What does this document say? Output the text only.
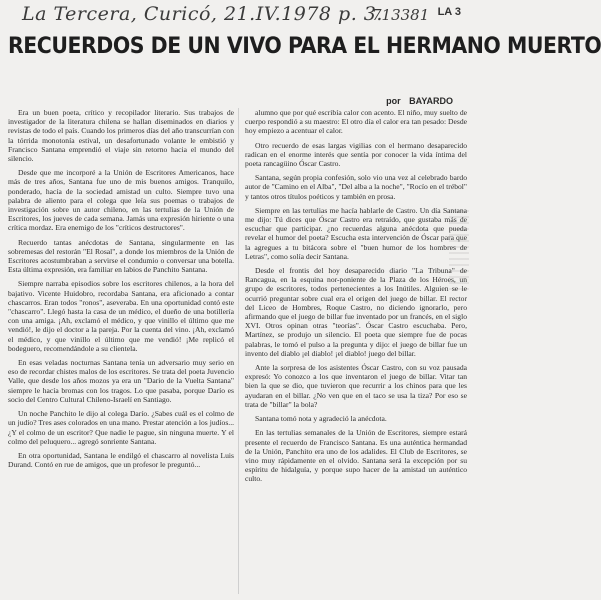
La Tercera, Curicó, 21.IV.1978 p. 3.
713381 LA 3
RECUERDOS DE UN VIVO PARA EL HERMANO MUERTO
por BAYARDO

Era un buen poeta, crítico y recopilador literario. Sus trabajos de investigador de la literatura chilena se hallan diseminados en diarios y revistas de todo el país. Cuando los primeros días del año transcurrían con la tórrida monotonía estival, un desafortunado volante le embistió y Francisco Santana emprendió el viaje sin retorno hacia el mundo del silencio.

Desde que me incorporé a la Unión de Escritores Americanos, hace más de tres años, Santana fue uno de mis buenos amigos. Tranquilo, ponderado, hacía de la sociedad amistad un culto. Siempre tuvo una palabra de aliento para el colega que leía sus poemas o trabajos de investigación sobre un autor chileno, en las tertulias de la Unión de Escritores, los jueves de cada semana. Jamás una expresión hiriente o una crítica mordaz. Era enemigo de los "críticos destructores".

Recuerdo tantas anécdotas de Santana, singularmente en las sobremesas del restorán "El Rosal", a donde los miembros de la Unión de Escritores acostumbraban a servirse el condumio o conversar una botella. Esta última expresión, era familiar en labios de Panchito Santana.

Siempre narraba episodios sobre los escritores chilenos, a la hora del bajativo. Vicente Huidobro, recordaba Santana, era aficionado a contar chascarros. Eran todos "ronos", aseveraba. En una oportunidad contó este "chascarro". Llegó hasta la casa de un médico, el dueño de una botillería con una amiga. ¡Ah, exclamó el médico, y que vinillo el último que me vendió!, le dijo el doctor a la pareja. Por la cuenta del vino. ¡Ah, exclamó el médico, y que vinillo el último que me vendió! ¡Me replicó el bodeguero, recomendándole a su clientela.

En esas veladas nocturnas Santana tenía un adversario muy serio en eso de recordar chistes malos de los escritores. Se trata del poeta Juvencio Valle, que desde los años mozos ya era un "Dario de la Vuelta Santana" siempre le hacía bromas con los tragos. Lo que pasaba, porque Darío es socio del Centro Cultural Chileno-Israelí en Santiago.

Un noche Panchito le dijo al colega Darío. ¿Sabes cuál es el colmo de un judío? Tres ases colorados en una mano. Prestar atención a los judíos... ¿Y el colmo de un escritor? Que nadie le pague, sin ninguna muerte. Y el colmo del peluquero... agregó sonriente Santana.

En otra oportunidad, Santana le endilgó el chascarro al novelista Luis Durand. Contó en rue de amigos, que un profesor le preguntó...

alumno que por qué escribía calor con acento. El niño, muy suelto de cuerpo respondió a su maestro: El otro día el calor era tan pesado: Desde hoy empiezo a acentuar el calor.

Otro recuerdo de esas largas vigilias con el hermano desaparecido radican en el enorme interés que sentía por conocer la vida íntima del poeta rancagüino Óscar Castro.

Santana, según propia confesión, solo vio una vez al celebrado bardo autor de "Camino en el Alba", "Del alba a la noche", "Rocío en el trébol" y tantos otros títulos poéticos y también en prosa.

Siempre en las tertulias me hacía hablarle de Castro. Un día Santana me dijo: Tú dices que Óscar Castro era retraído, que gustaba más de escuchar que participar. ¿no recuerdas alguna anécdota que pueda revelar el humor del poeta? Escucha esta intervención de Óscar para que la agregues a tu bitácora sobre el "buen humor de los hombres de Letras", como solía decir Santana.

Desde el frontis del hoy desaparecido diario "La Tribuna" de Rancagua, en la esquina nor-poniente de la Plaza de los Héroes, un grupo de escritores, todos pertenecientes a los Inútiles. Alguien se le ocurrió preguntar sobre cual era el origen del juego de billar. El rector del Liceo de Hombres, Roque Castro, no diciendo ignorarlo, pero afirmando que el juego de billar fue inventado por un francés, en el siglo XVI. Otros opinan otras "teorías". Óscar Castro escuchaba. Pero, Martínez, se produjo un silencio. El poeta que siempre fue de pocas palabras, le tomó el pulso a la pregunta y dijo: el juego de billar fue un invento del diablo ¡el diablo! ¡el diablo! juego del billar.

Ante la sorpresa de los asistentes Óscar Castro, con su voz pausada expresó: Yo conozco a los que inventaron el juego de billar. Vitar tan bien la que se dio, que tuvieron que recurrir a los chinos para que les ayudaran en el billar. ¿No ven que en el taco se usa la tiza? Por eso se trata de "billar" la bola?

Santana tomó nota y agradeció la anécdota.

En las tertulias semanales de la Unión de Escritores, siempre estará presente el recuerdo de Francisco Santana. Es una auténtica hermandad de la Unión, Panchito era uno de los adalides. El Club de Escritores, se vino muy rápidamente en el olvido. Santana será la excepción por su espíritu de hidalguía, y porque supo hacer de la amistad un auténtico culto.
